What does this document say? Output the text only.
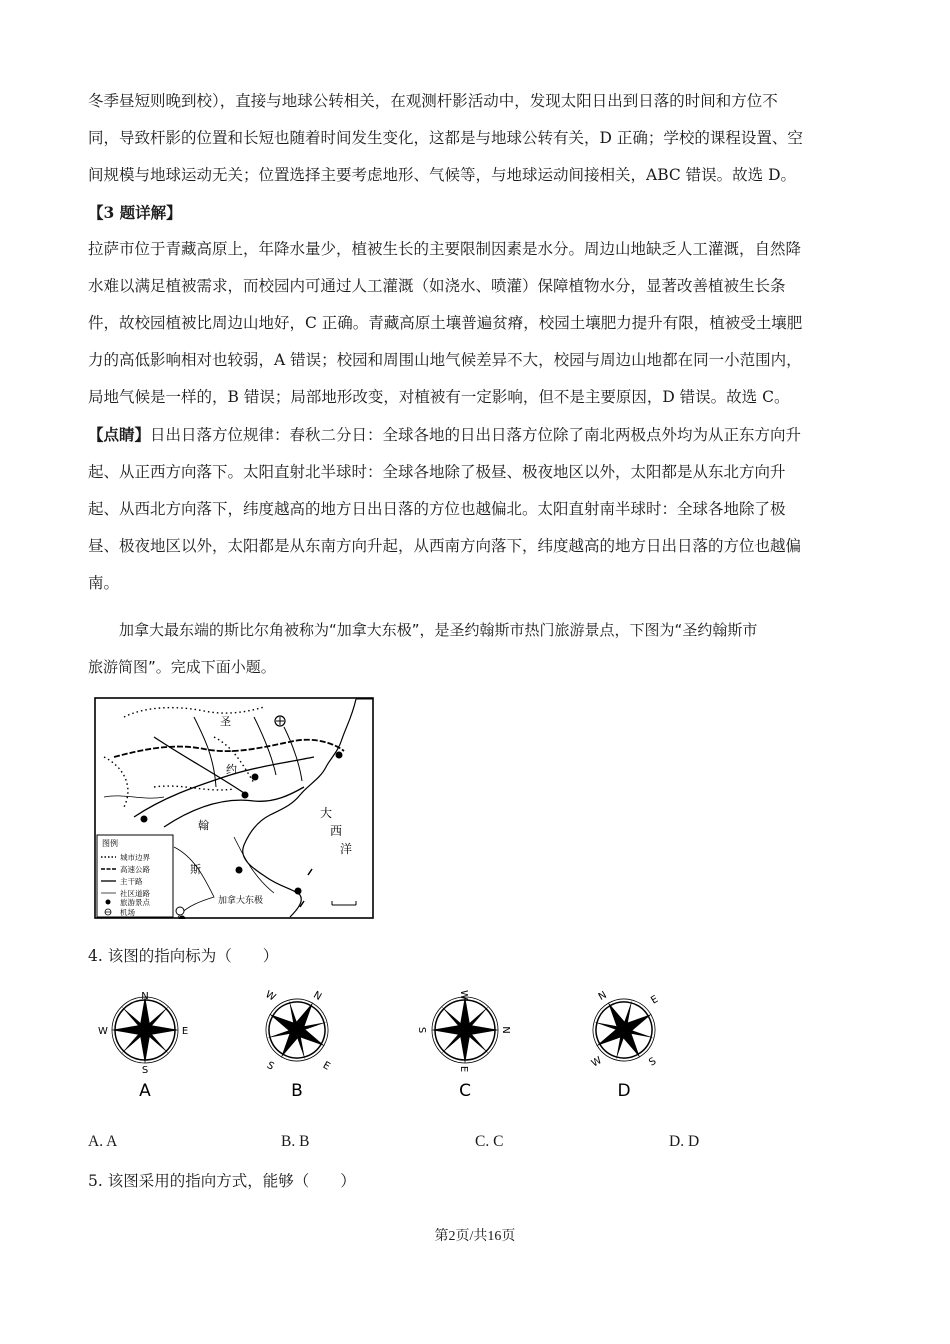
冬季昼短则晚到校），直接与地球公转相关，在观测杆影活动中，发现太阳日出到日落的时间和方位不
同，导致杆影的位置和长短也随着时间发生变化，这都是与地球公转有关，D 正确；学校的课程设置、空
间规模与地球运动无关；位置选择主要考虑地形、气候等，与地球运动间接相关，ABC 错误。故选 D。

【3 题详解】

拉萨市位于青藏高原上，年降水量少，植被生长的主要限制因素是水分。周边山地缺乏人工灌溉，自然降
水难以满足植被需求，而校园内可通过人工灌溉（如浇水、喷灌）保障植物水分，显著改善植被生长条
件，故校园植被比周边山地好，C 正确。青藏高原土壤普遍贫瘠，校园土壤肥力提升有限，植被受土壤肥
力的高低影响相对也较弱，A 错误；校园和周围山地气候差异不大，校园与周边山地都在同一小范围内，
局地气候是一样的，B 错误；局部地形改变，对植被有一定影响，但不是主要原因，D 错误。故选 C。

【点睛】日出日落方位规律：春秋二分日：全球各地的日出日落方位除了南北两极点外均为从正东方向升
起、从正西方向落下。太阳直射北半球时：全球各地除了极昼、极夜地区以外，太阳都是从东北方向升
起、从西北方向落下，纬度越高的地方日出日落的方位也越偏北。太阳直射南半球时：全球各地除了极
昼、极夜地区以外，太阳都是从东南方向升起，从西南方向落下，纬度越高的地方日出日落的方位也越偏
南。

加拿大最东端的斯比尔角被称为“加拿大东极”，是圣约翰斯市热门旅游景点，下图为“圣约翰斯市
旅游简图”。完成下面小题。

圣
约
翰
斯
大
西
洋
加拿大东极
图例
城市边界
高速公路
主干路
社区道路
旅游景点
机场
4. 该图的指向标为（　　）
N
E
S
W
A
N
E
S
W
B
N
E
S
W
C
N	E
S
W
D
A. A	B. B	C. C	D. D
5. 该图采用的指向方式，能够（　　）
第2页/共16页
